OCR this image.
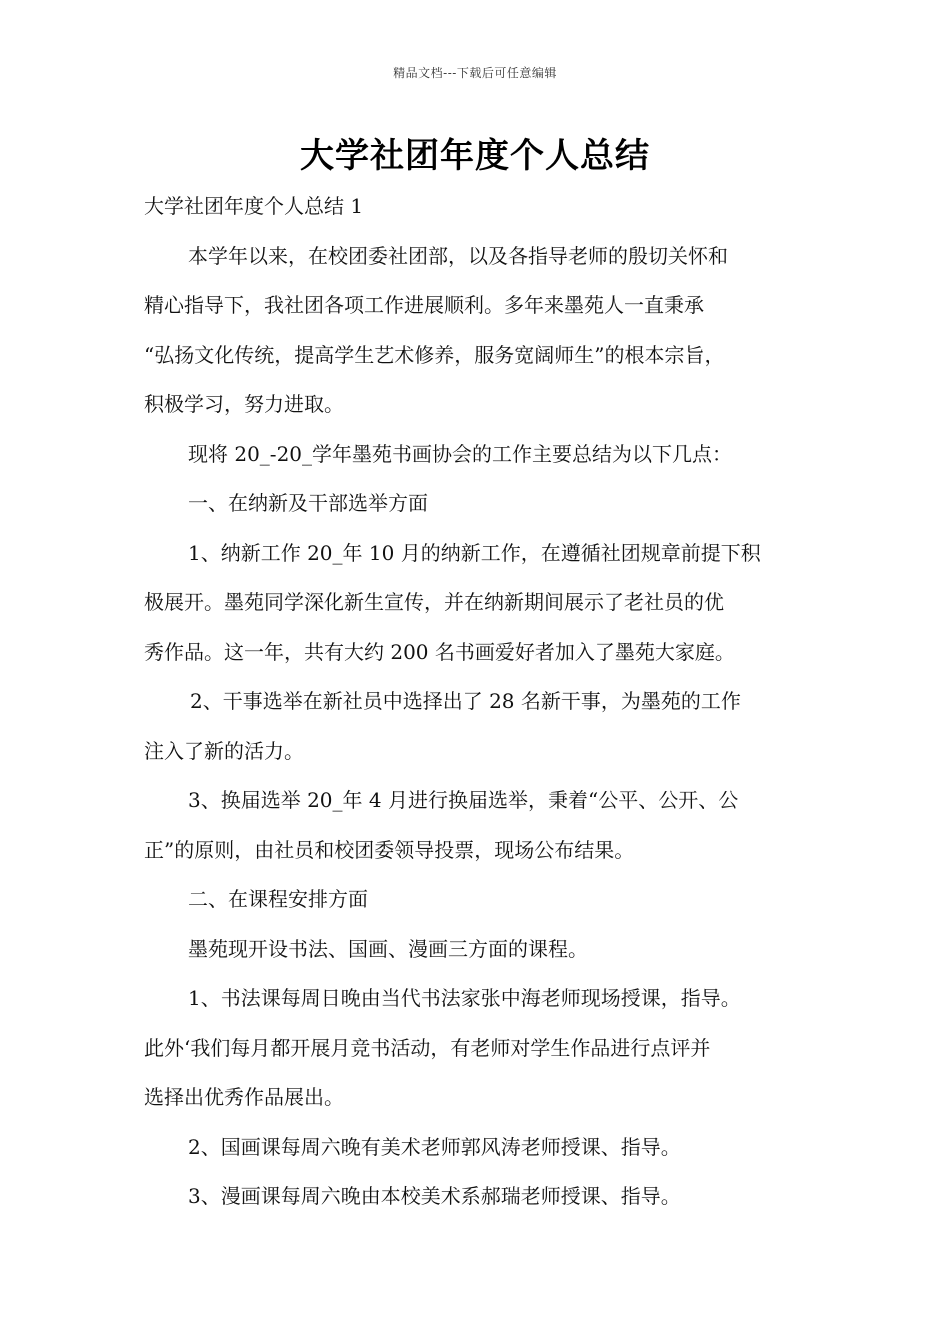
精品文档---下载后可任意编辑
大学社团年度个人总结
大学社团年度个人总结 1
本学年以来，在校团委社团部，以及各指导老师的殷切关怀和
精心指导下，我社团各项工作进展顺利。多年来墨苑人一直秉承
“弘扬文化传统，提高学生艺术修养，服务宽阔师生”的根本宗旨，
积极学习，努力进取。
现将 20_-20_学年墨苑书画协会的工作主要总结为以下几点：
一、在纳新及干部选举方面
1、纳新工作 20_年 10 月的纳新工作，在遵循社团规章前提下积
极展开。墨苑同学深化新生宣传，并在纳新期间展示了老社员的优
秀作品。这一年，共有大约 200 名书画爱好者加入了墨苑大家庭。
2、干事选举在新社员中选择出了 28 名新干事，为墨苑的工作
注入了新的活力。
3、换届选举 20_年 4 月进行换届选举，秉着“公平、公开、公
正”的原则，由社员和校团委领导投票，现场公布结果。
二、在课程安排方面
墨苑现开设书法、国画、漫画三方面的课程。
1、书法课每周日晚由当代书法家张中海老师现场授课，指导。
此外‘我们每月都开展月竞书活动，有老师对学生作品进行点评并
选择出优秀作品展出。
2、国画课每周六晚有美术老师郭风涛老师授课、指导。
3、漫画课每周六晚由本校美术系郝瑞老师授课、指导。
